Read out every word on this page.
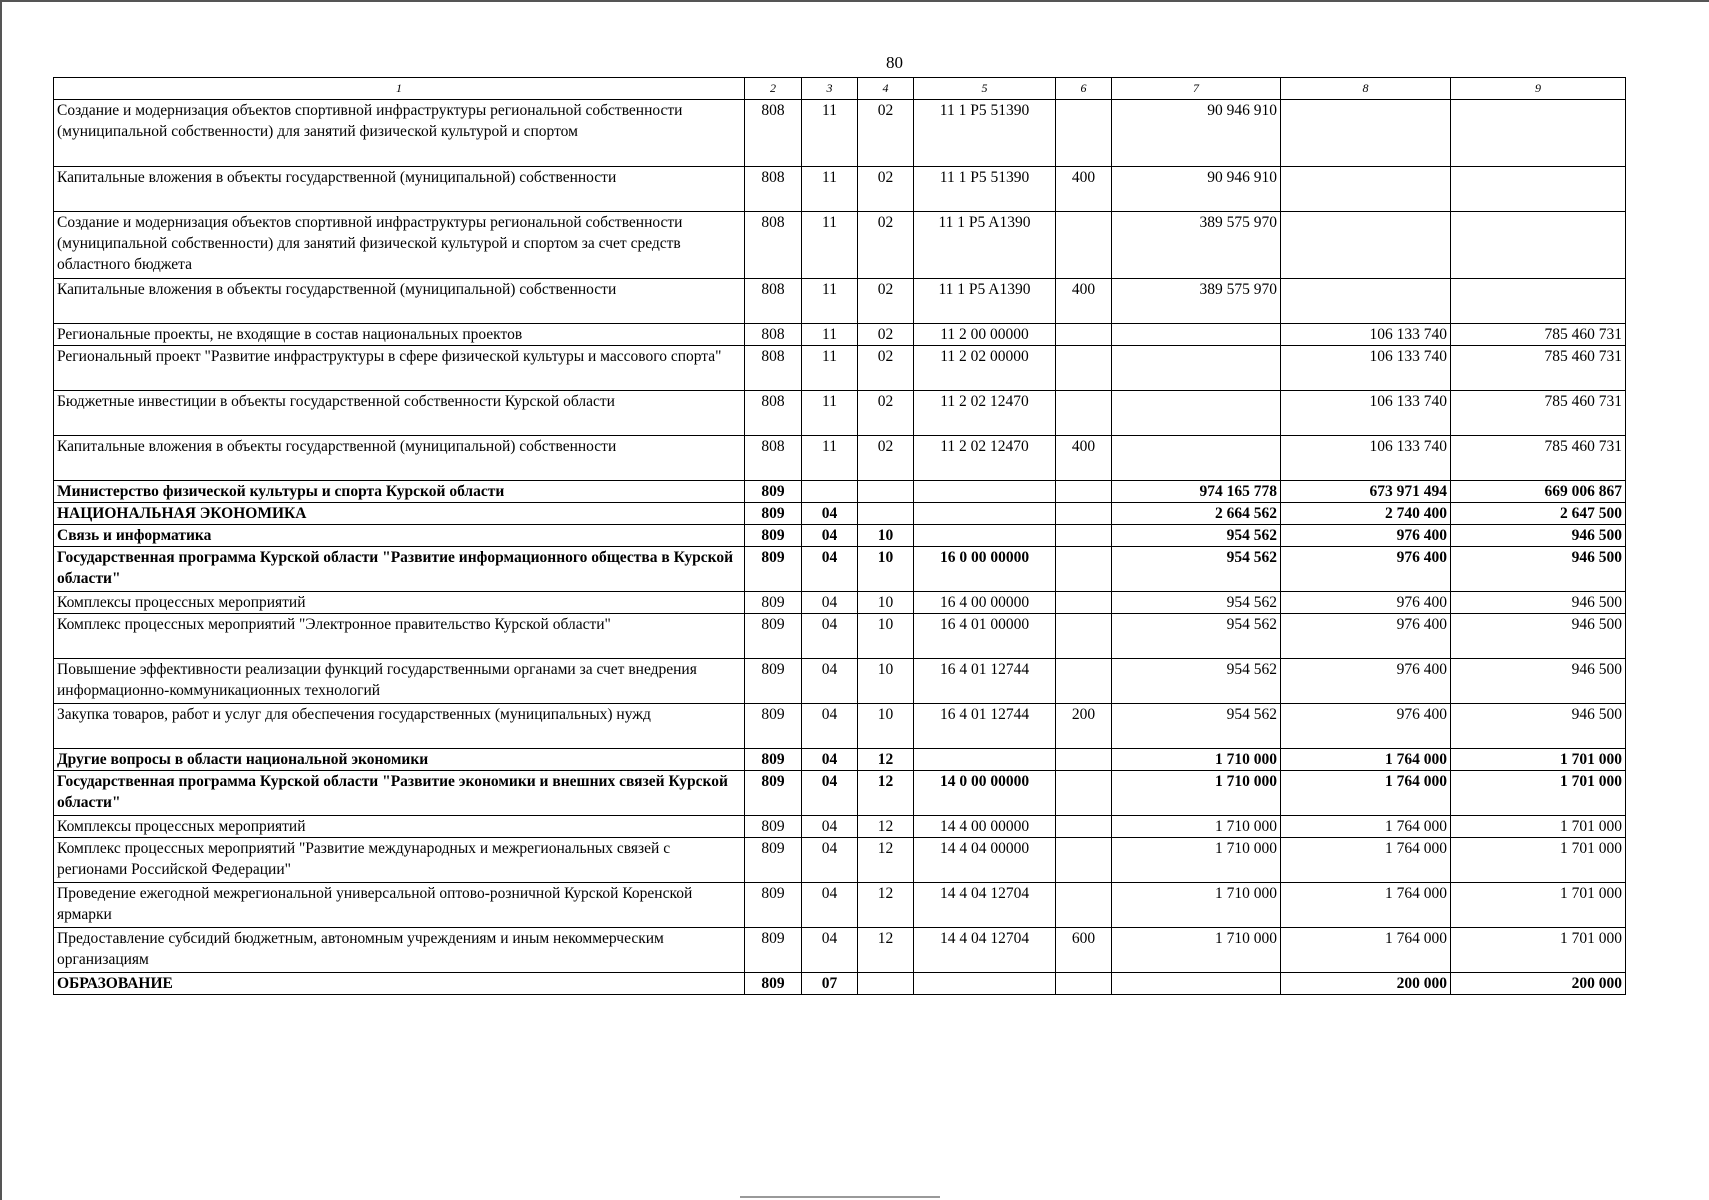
80
1	2	3	4	5	6	7	8	9
Создание и модернизация объектов спортивной инфраструктуры региональной собственности (муниципальной собственности) для занятий физической культурой и спортом	808	11	02	11 1 P5 51390		90 946 910		
Капитальные вложения в объекты государственной (муниципальной) собственности	808	11	02	11 1 P5 51390	400	90 946 910		
Создание и модернизация объектов спортивной инфраструктуры региональной собственности (муниципальной собственности) для занятий физической культурой и спортом за счет средств областного бюджета	808	11	02	11 1 P5 A1390		389 575 970		
Капитальные вложения в объекты государственной (муниципальной) собственности	808	11	02	11 1 P5 A1390	400	389 575 970		
Региональные проекты, не входящие в состав национальных проектов	808	11	02	11 2 00 00000			106 133 740	785 460 731
Региональный проект "Развитие инфраструктуры в сфере физической культуры и массового спорта"	808	11	02	11 2 02 00000			106 133 740	785 460 731
Бюджетные инвестиции в объекты государственной собственности Курской области	808	11	02	11 2 02 12470			106 133 740	785 460 731
Капитальные вложения в объекты государственной (муниципальной) собственности	808	11	02	11 2 02 12470	400		106 133 740	785 460 731
Министерство физической культуры и спорта Курской области	809					974 165 778	673 971 494	669 006 867
НАЦИОНАЛЬНАЯ ЭКОНОМИКА	809	04				2 664 562	2 740 400	2 647 500
Связь и информатика	809	04	10			954 562	976 400	946 500
Государственная программа Курской области "Развитие информационного общества в Курской области"	809	04	10	16 0 00 00000		954 562	976 400	946 500
Комплексы процессных мероприятий	809	04	10	16 4 00 00000		954 562	976 400	946 500
Комплекс процессных мероприятий "Электронное правительство Курской области"	809	04	10	16 4 01 00000		954 562	976 400	946 500
Повышение эффективности реализации функций государственными органами за счет внедрения информационно-коммуникационных технологий	809	04	10	16 4 01 12744		954 562	976 400	946 500
Закупка товаров, работ и услуг для обеспечения государственных (муниципальных) нужд	809	04	10	16 4 01 12744	200	954 562	976 400	946 500
Другие вопросы в области национальной экономики	809	04	12			1 710 000	1 764 000	1 701 000
Государственная программа Курской области "Развитие экономики и внешних связей Курской области"	809	04	12	14 0 00 00000		1 710 000	1 764 000	1 701 000
Комплексы процессных мероприятий	809	04	12	14 4 00 00000		1 710 000	1 764 000	1 701 000
Комплекс процессных мероприятий "Развитие международных и межрегиональных связей с регионами Российской Федерации"	809	04	12	14 4 04 00000		1 710 000	1 764 000	1 701 000
Проведение ежегодной межрегиональной универсальной оптово-розничной Курской Коренской ярмарки	809	04	12	14 4 04 12704		1 710 000	1 764 000	1 701 000
Предоставление субсидий бюджетным, автономным учреждениям и иным некоммерческим организациям	809	04	12	14 4 04 12704	600	1 710 000	1 764 000	1 701 000
ОБРАЗОВАНИЕ	809	07					200 000	200 000
